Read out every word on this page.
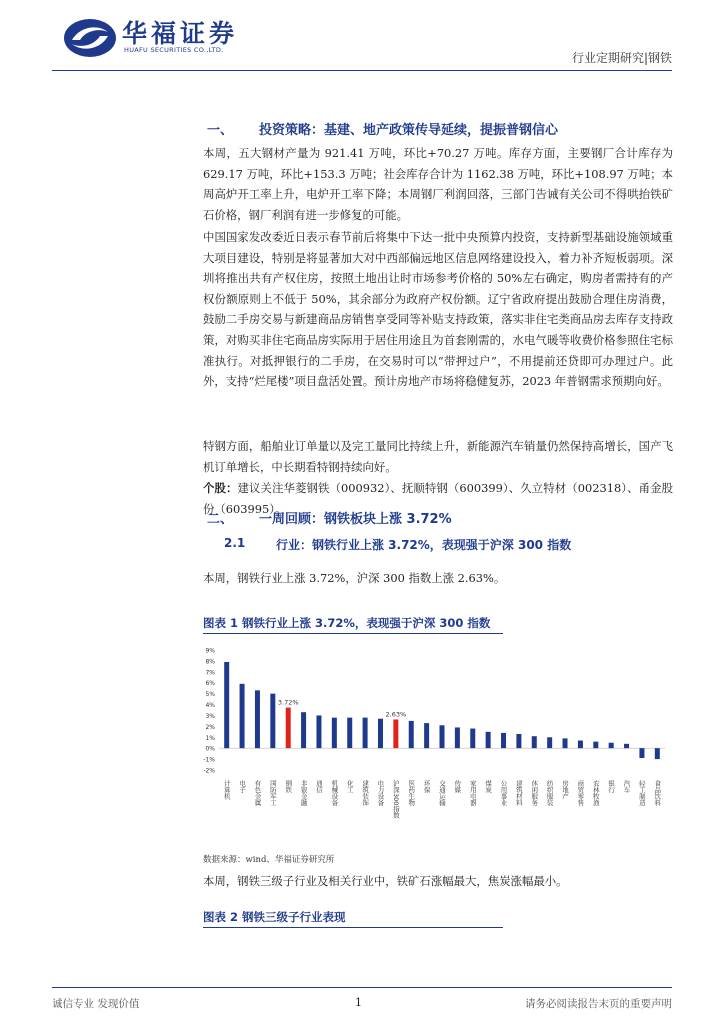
华福证券
HUAFU SECURITIES CO.,LTD.
行业定期研究|钢铁
一、 投资策略：基建、地产政策传导延续，提振普钢信心
本周，五大钢材产量为 921.41 万吨，环比+70.27 万吨。库存方面，主要钢厂合计库存为 629.17 万吨，环比+153.3 万吨；社会库存合计为 1162.38 万吨，环比+108.97 万吨；本周高炉开工率上升，电炉开工率下降；本周钢厂利润回落，三部门告诫有关公司不得哄抬铁矿石价格，钢厂利润有进一步修复的可能。
中国国家发改委近日表示春节前后将集中下达一批中央预算内投资，支持新型基础设施领域重大项目建设，特别是将显著加大对中西部偏远地区信息网络建设投入，着力补齐短板弱项。深圳将推出共有产权住房，按照土地出让时市场参考价格的 50%左右确定，购房者需持有的产权份额原则上不低于 50%，其余部分为政府产权份额。辽宁省政府提出鼓励合理住房消费，鼓励二手房交易与新建商品房销售享受同等补贴支持政策，落实非住宅类商品房去库存支持政策，对购买非住宅商品房实际用于居住用途且为首套刚需的，水电气暖等收费价格参照住宅标准执行。对抵押银行的二手房，在交易时可以“带押过户”，不用提前还贷即可办理过户。此外，支持“烂尾楼”项目盘活处置。预计房地产市场将稳健复苏，2023 年普钢需求预期向好。
特钢方面，船舶业订单量以及完工量同比持续上升，新能源汽车销量仍然保持高增长，国产飞机订单增长，中长期看特钢持续向好。
个股：建议关注华菱钢铁（000932）、抚顺特钢（600399）、久立特材（002318）、甬金股份（603995）。
二、 一周回顾：钢铁板块上涨 3.72%
2.1	行业：钢铁行业上涨 3.72%，表现强于沪深 300 指数
本周，钢铁行业上涨 3.72%，沪深 300 指数上涨 2.63%。
图表 1 钢铁行业上涨 3.72%，表现强于沪深 300 指数
9%
8%
7%
6%
5%
4%
3%
2%
1%
0%
-1%
-2%
计算机 电子 有色金属 国防军工 钢铁 非银金融 通信 机械设备 化工 建筑装饰 电力设备 沪深300指数 医药生物 环保 交通运输 传媒 家用电器 煤炭 公用事业 建筑材料 休闲服务 纺织服装 房地产 商贸零售 农林牧渔 银行 汽车 轻工制造 食品饮料
3.72%
2.63%
数据来源：wind、华福证券研究所
本周，钢铁三级子行业及相关行业中，铁矿石涨幅最大，焦炭涨幅最小。
图表 2 钢铁三级子行业表现
诚信专业 发现价值	1	请务必阅读报告末页的重要声明
